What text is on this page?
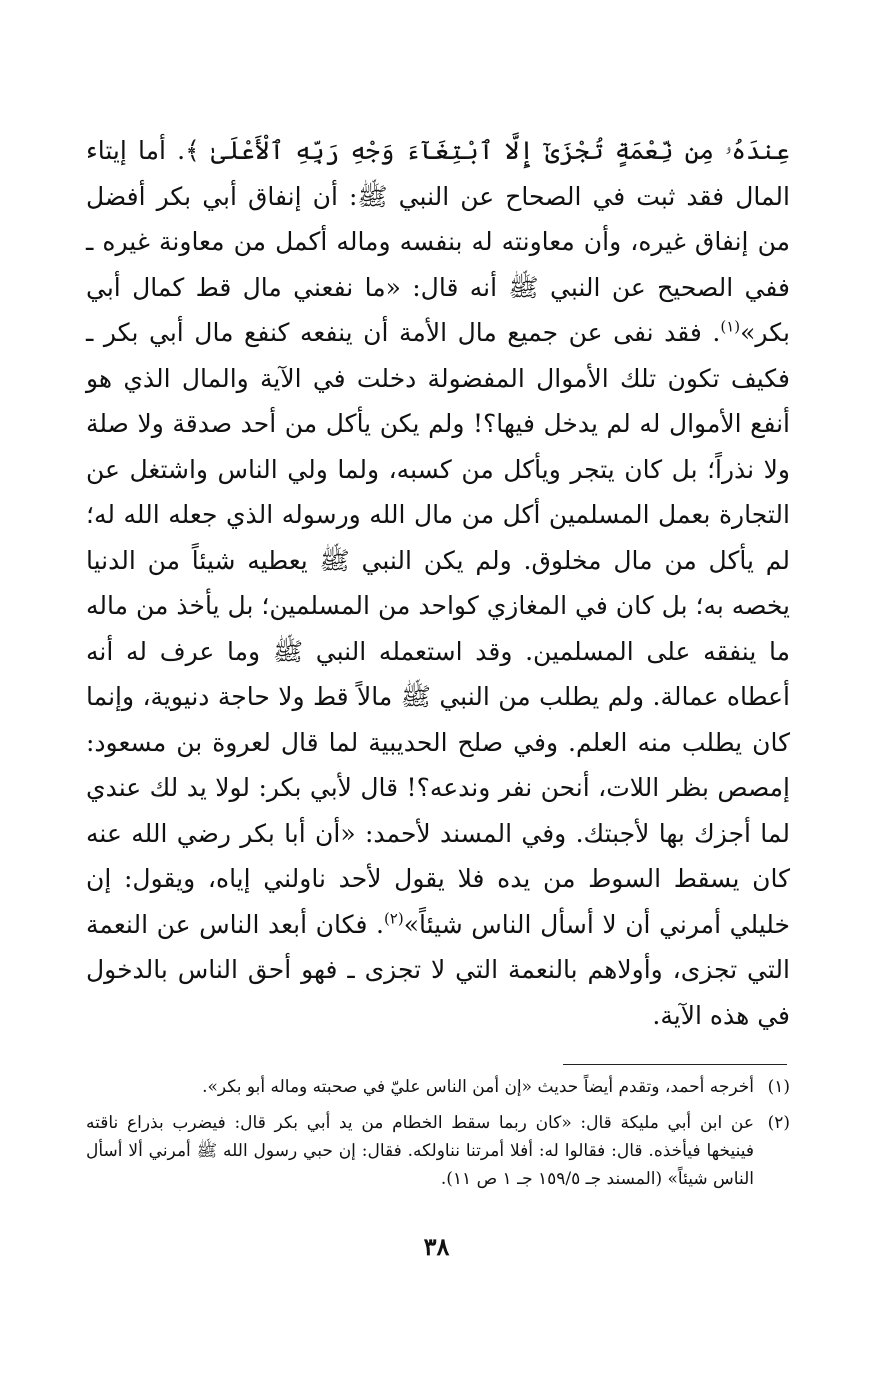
عِندَهُۥ مِن نِّعْمَةٍ تُجْزَىٰٓ إِلَّا ٱبْتِغَآءَ وَجْهِ رَبِّهِ ٱلْأَعْلَىٰ ﴾. أما إيتاء المال فقد ثبت في الصحاح عن النبي ﷺ: أن إنفاق أبي بكر أفضل من إنفاق غيره، وأن معاونته له بنفسه وماله أكمل من معاونة غيره ـ ففي الصحيح عن النبي ﷺ أنه قال: «ما نفعني مال قط كمال أبي بكر»$^{(١)}$. فقد نفى عن جميع مال الأمة أن ينفعه كنفع مال أبي بكر ـ فكيف تكون تلك الأموال المفضولة دخلت في الآية والمال الذي هو أنفع الأموال له لم يدخل فيها؟! ولم يكن يأكل من أحد صدقة ولا صلة ولا نذراً؛ بل كان يتجر ويأكل من كسبه، ولما ولي الناس واشتغل عن التجارة بعمل المسلمين أكل من مال الله ورسوله الذي جعله الله له؛ لم يأكل من مال مخلوق. ولم يكن النبي ﷺ يعطيه شيئاً من الدنيا يخصه به؛ بل كان في المغازي كواحد من المسلمين؛ بل يأخذ من ماله ما ينفقه على المسلمين. وقد استعمله النبي ﷺ وما عرف له أنه أعطاه عمالة. ولم يطلب من النبي ﷺ مالاً قط ولا حاجة دنيوية، وإنما كان يطلب منه العلم. وفي صلح الحديبية لما قال لعروة بن مسعود: إمصص بظر اللات، أنحن نفر وندعه؟! قال لأبي بكر: لولا يد لك عندي لما أجزك بها لأجبتك. وفي المسند لأحمد: «أن أبا بكر رضي الله عنه كان يسقط السوط من يده فلا يقول لأحد ناولني إياه، ويقول: إن خليلي أمرني أن لا أسأل الناس شيئاً»$^{(٢)}$. فكان أبعد الناس عن النعمة التي تجزى، وأولاهم بالنعمة التي لا تجزى ـ فهو أحق الناس بالدخول في هذه الآية.

(١)
أخرجه أحمد، وتقدم أيضاً حديث «إن أمن الناس عليّ في صحبته وماله أبو بكر».
(٢)
عن ابن أبي مليكة قال: «كان ربما سقط الخطام من يد أبي بكر قال: فيضرب بذراع ناقته فينيخها فيأخذه. قال: فقالوا له: أفلا أمرتنا نناولكه. فقال: إن حبي رسول الله ﷺ أمرني ألا أسأل الناس شيئاً» (المسند جـ ١٥٩/٥ جـ ١ ص ١١).
٣٨
